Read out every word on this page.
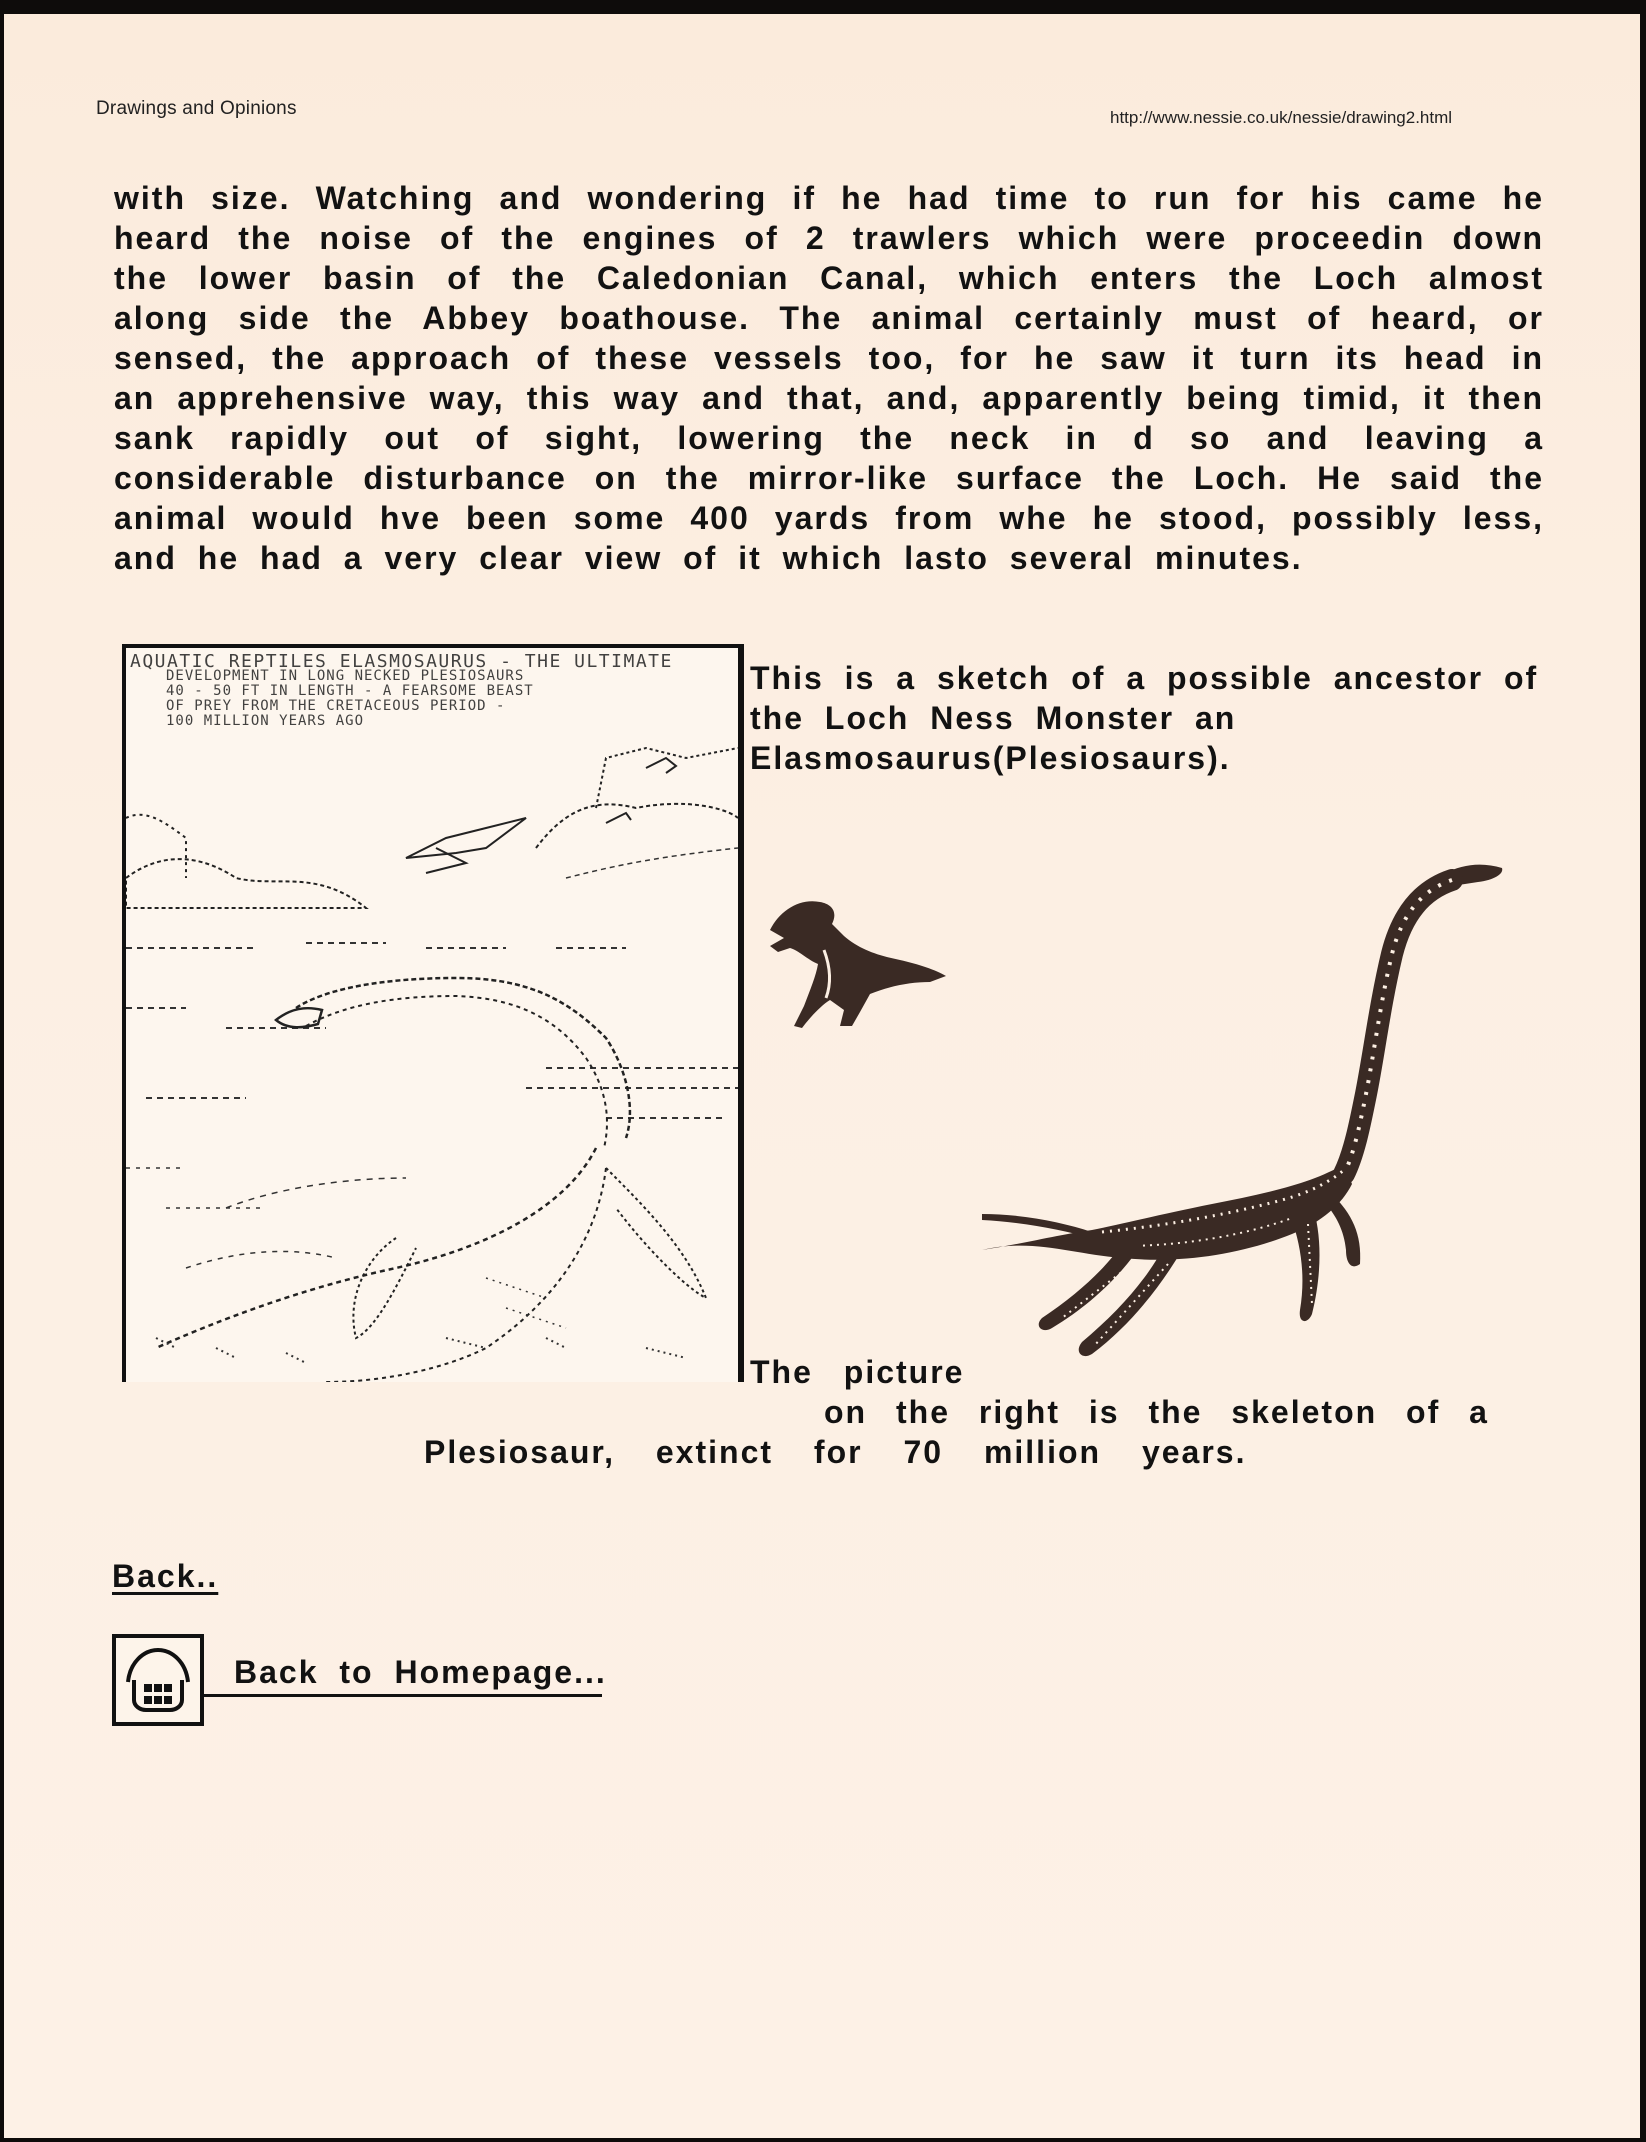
Drawings and Opinions	http://www.nessie.co.uk/nessie/drawing2.html
with size. Watching and wondering if he had time to run for his came he heard the noise of the engines of 2 trawlers which were proceedin down the lower basin of the Caledonian Canal, which enters the Loch almost along side the Abbey boathouse. The animal certainly must of heard, or sensed, the approach of these vessels too, for he saw it turn its head in an apprehensive way, this way and that, and, apparently being timid, it then sank rapidly out of sight, lowering the neck in d so and leaving a considerable disturbance on the mirror-like surface the Loch. He said the animal would hve been some 400 yards from whe he stood, possibly less, and he had a very clear view of it which lasto several minutes.
AQUATIC REPTILES ELASMOSAURUS - THE ULTIMATE
DEVELOPMENT IN LONG NECKED PLESIOSAURS
40 - 50 FT IN LENGTH - A FEARSOME BEAST
OF PREY FROM THE CRETACEOUS PERIOD -
100 MILLION YEARS AGO
This is a sketch of a possible ancestor of the Loch Ness Monster an Elasmosaurus(Plesiosaurs).
The picture
on the right is the skeleton of a
Plesiosaur, extinct for 70 million years.
Back..
Back to Homepage...
